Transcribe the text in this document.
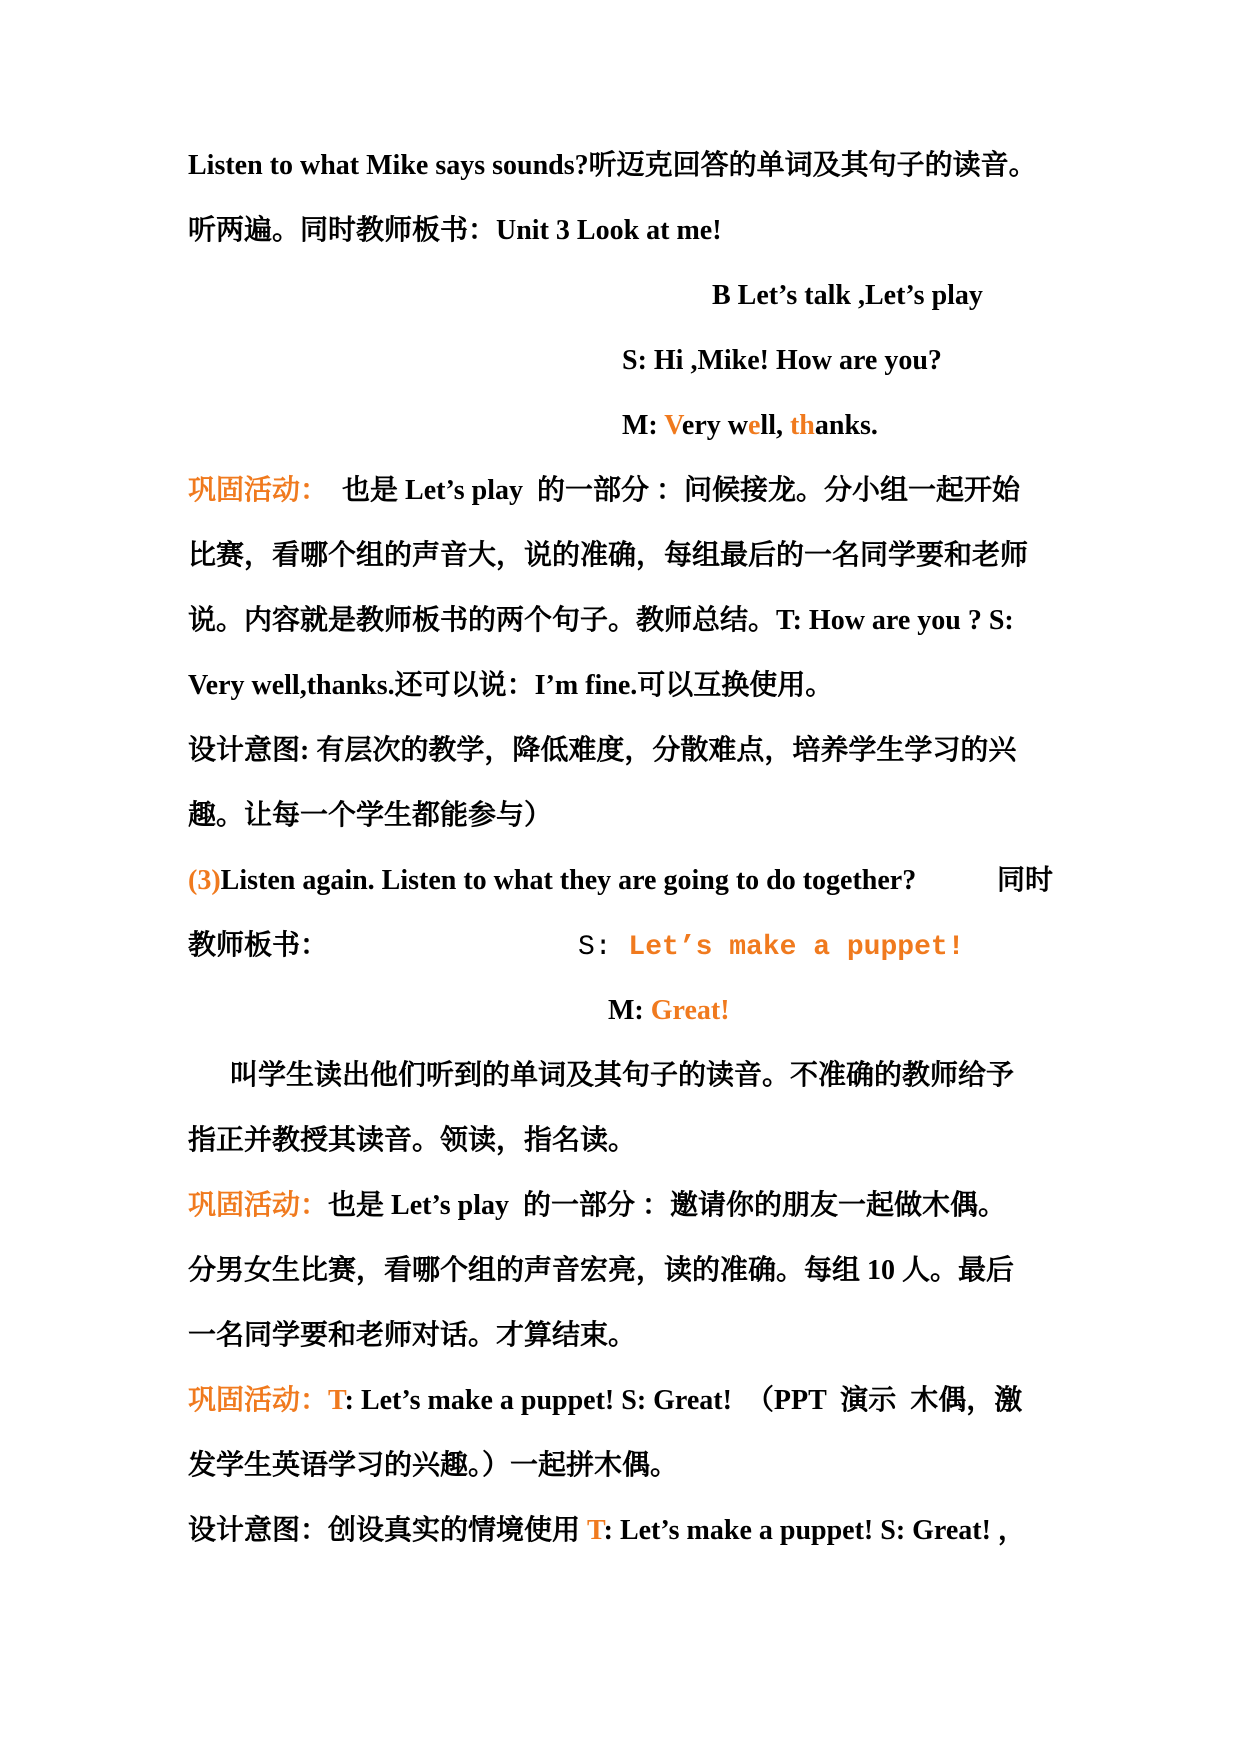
Listen to what Mike says sounds?听迈克回答的单词及其句子的读音。
听两遍。同时教师板书：Unit 3 Look at me!
B Let’s talk ,Let’s play
S: Hi ,Mike! How are you?
M: Very well, thanks.
巩固活动：  也是 Let’s play  的一部分 ：问候接龙。分小组一起开始
比赛，看哪个组的声音大，说的准确，每组最后的一名同学要和老师
说。内容就是教师板书的两个句子。教师总结。T: How are you ? S:
Very well,thanks.还可以说：I’m fine.可以互换使用。
设计意图: 有层次的教学，降低难度，分散难点，培养学生学习的兴
趣。让每一个学生都能参与）
(3)Listen again. Listen to what they are going to do together?	同时
教师板书：	S: Let’s make a puppet!
M: Great!
叫学生读出他们听到的单词及其句子的读音。不准确的教师给予
指正并教授其读音。领读，指名读。
巩固活动：也是 Let’s play  的一部分 ：邀请你的朋友一起做木偶。
分男女生比赛，看哪个组的声音宏亮，读的准确。每组 10 人。最后
一名同学要和老师对话。才算结束。
巩固活动：T: Let’s make a puppet! S: Great!  （PPT  演示  木偶，激
发学生英语学习的兴趣。）一起拼木偶。
设计意图：创设真实的情境使用 T: Let’s make a puppet! S: Great! ，
